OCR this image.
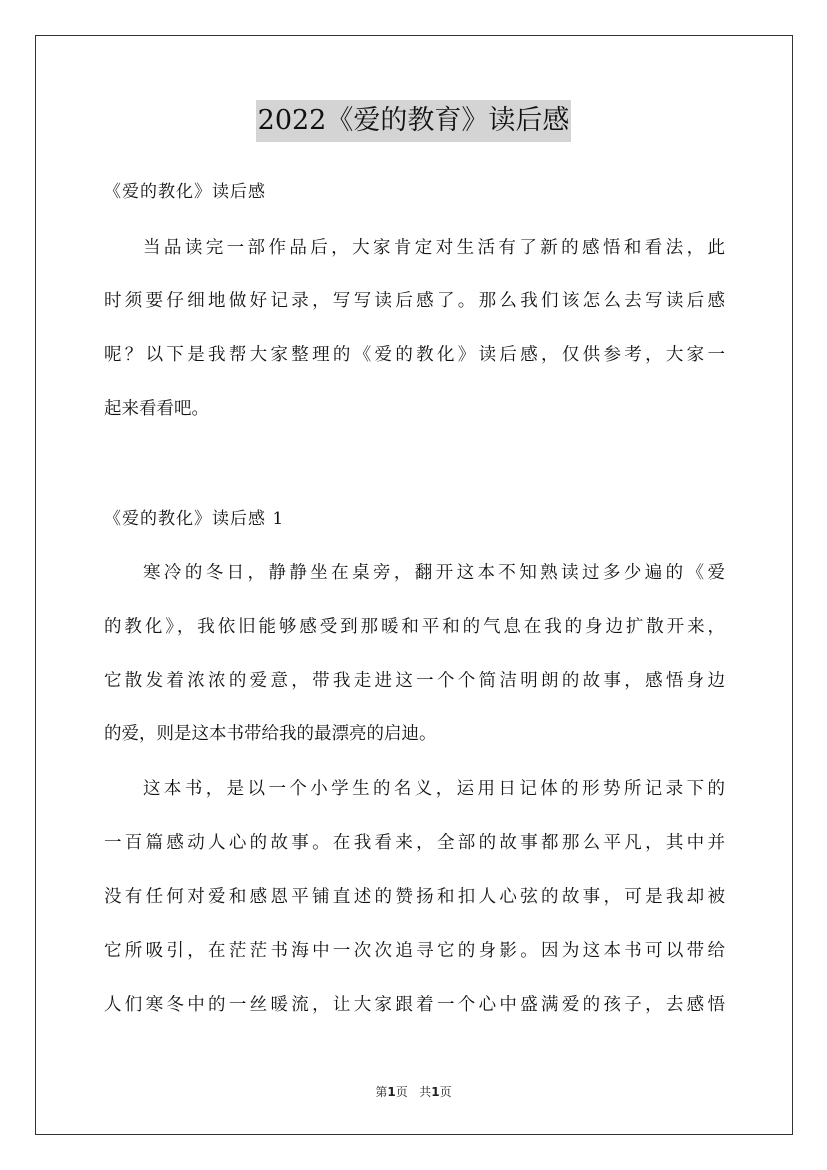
2022《爱的教育》读后感
《爱的教化》读后感
当品读完一部作品后，大家肯定对生活有了新的感悟和看法，此
时须要仔细地做好记录，写写读后感了。那么我们该怎么去写读后感
呢？以下是我帮大家整理的《爱的教化》读后感，仅供参考，大家一
起来看看吧。
《爱的教化》读后感 1
寒冷的冬日，静静坐在桌旁，翻开这本不知熟读过多少遍的《爱
的教化》，我依旧能够感受到那暖和平和的气息在我的身边扩散开来，
它散发着浓浓的爱意，带我走进这一个个简洁明朗的故事，感悟身边
的爱，则是这本书带给我的最漂亮的启迪。
这本书，是以一个小学生的名义，运用日记体的形势所记录下的
一百篇感动人心的故事。在我看来，全部的故事都那么平凡，其中并
没有任何对爱和感恩平铺直述的赞扬和扣人心弦的故事，可是我却被
它所吸引，在茫茫书海中一次次追寻它的身影。因为这本书可以带给
人们寒冬中的一丝暖流，让大家跟着一个心中盛满爱的孩子，去感悟
第1页 共1页
